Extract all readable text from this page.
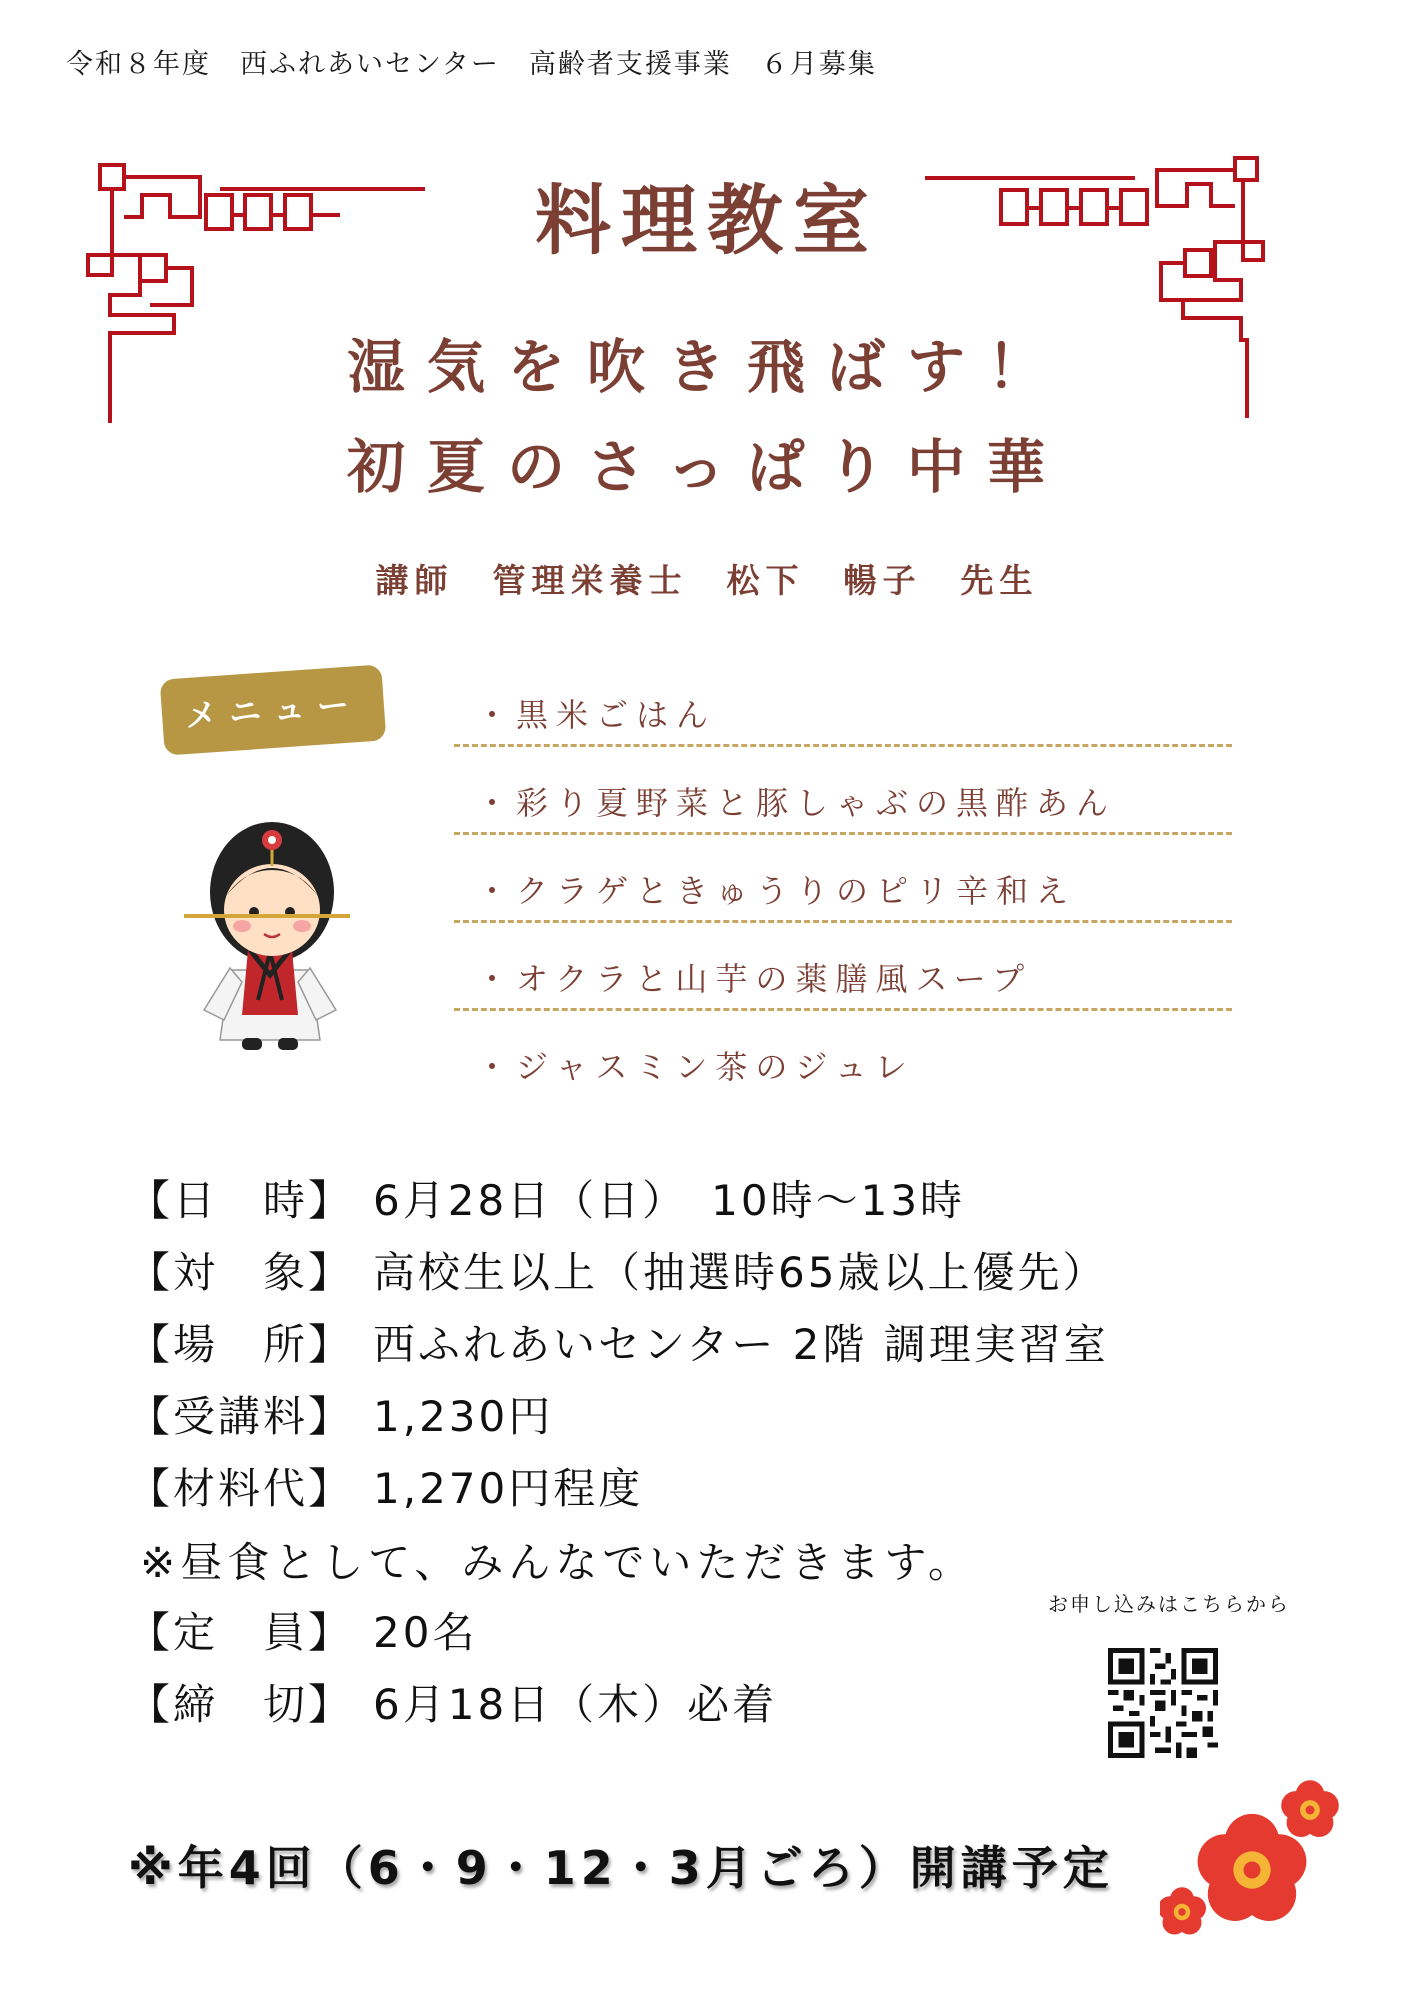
令和８年度　西ふれあいセンター　高齢者支援事業　６月募集
料理教室
湿気を吹き飛ばす！
初夏のさっぱり中華
講師　管理栄養士　松下　暢子　先生
メニュー	・黒米ごはん
・彩り夏野菜と豚しゃぶの黒酢あん
・クラゲときゅうりのピリ辛和え
・オクラと山芋の薬膳風スープ
・ジャスミン茶のジュレ
【日　時】 6月28日（日）　10時～13時
【対　象】 高校生以上（抽選時65歳以上優先）
【場　所】 西ふれあいセンター 2階 調理実習室
【受講料】 1,230円
【材料代】 1,270円程度
※昼食として、みんなでいただきます。
【定　員】 20名
【締　切】 6月18日（木）必着
お申し込みはこちらから
※年4回（6・9・12・3月ごろ）開講予定
